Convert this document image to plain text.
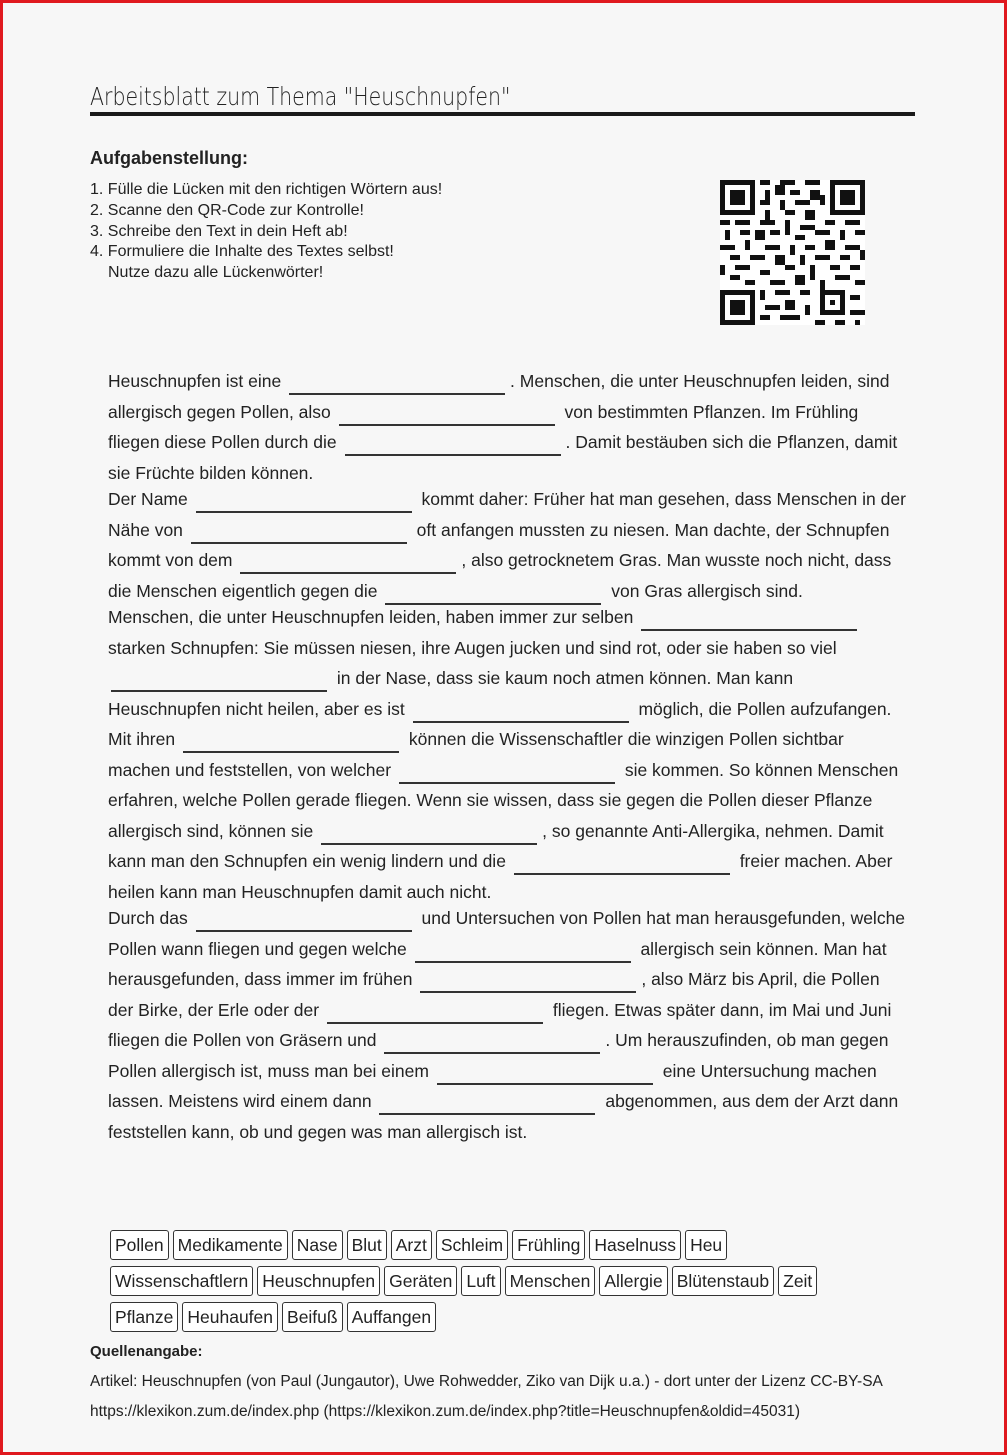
Arbeitsblatt zum Thema "Heuschnupfen"
Aufgabenstellung:
1. Fülle die Lücken mit den richtigen Wörtern aus!
2. Scanne den QR-Code zur Kontrolle!
3. Schreibe den Text in dein Heft ab!
4. Formuliere die Inhalte des Textes selbst!
Nutze dazu alle Lückenwörter!

Heuschnupfen ist eine	. Menschen, die unter Heuschnupfen leiden, sind allergisch gegen Pollen, also	von bestimmten Pflanzen. Im Frühling fliegen diese Pollen durch die	. Damit bestäuben sich die Pflanzen, damit sie Früchte bilden können.

Der Name	kommt daher: Früher hat man gesehen, dass Menschen in der Nähe von	oft anfangen mussten zu niesen. Man dachte, der Schnupfen kommt von dem	, also getrocknetem Gras. Man wusste noch nicht, dass die Menschen eigentlich gegen die	von Gras allergisch sind.

Menschen, die unter Heuschnupfen leiden, haben immer zur selben  starken Schnupfen: Sie müssen niesen, ihre Augen jucken und sind rot, oder sie haben so viel  in der Nase, dass sie kaum noch atmen können. Man kann Heuschnupfen nicht heilen, aber es ist	möglich, die Pollen aufzufangen. Mit ihren	können die Wissenschaftler die winzigen Pollen sichtbar machen und feststellen, von welcher	sie kommen. So können Menschen erfahren, welche Pollen gerade fliegen. Wenn sie wissen, dass sie gegen die Pollen dieser Pflanze allergisch sind, können sie	, so genannte Anti-Allergika, nehmen. Damit kann man den Schnupfen ein wenig lindern und die	freier machen. Aber heilen kann man Heuschnupfen damit auch nicht.

Durch das	und Untersuchen von Pollen hat man herausgefunden, welche Pollen wann fliegen und gegen welche	allergisch sein können. Man hat herausgefunden, dass immer im frühen	, also März bis April, die Pollen der Birke, der Erle oder der	fliegen. Etwas später dann, im Mai und Juni fliegen die Pollen von Gräsern und	. Um herauszufinden, ob man gegen Pollen allergisch ist, muss man bei einem	eine Untersuchung machen lassen. Meistens wird einem dann	abgenommen, aus dem der Arzt dann feststellen kann, ob und gegen was man allergisch ist.

Pollen Medikamente Nase Blut Arzt Schleim Frühling Haselnuss Heu
Wissenschaftlern Heuschnupfen Geräten Luft Menschen Allergie Blütenstaub Zeit
Pflanze Heuhaufen Beifuß Auffangen
Quellenangabe:
Artikel: Heuschnupfen (von Paul (Jungautor), Uwe Rohwedder, Ziko van Dijk u.a.) - dort unter der Lizenz CC-BY-SA
https://klexikon.zum.de/index.php (https://klexikon.zum.de/index.php?title=Heuschnupfen&oldid=45031)
